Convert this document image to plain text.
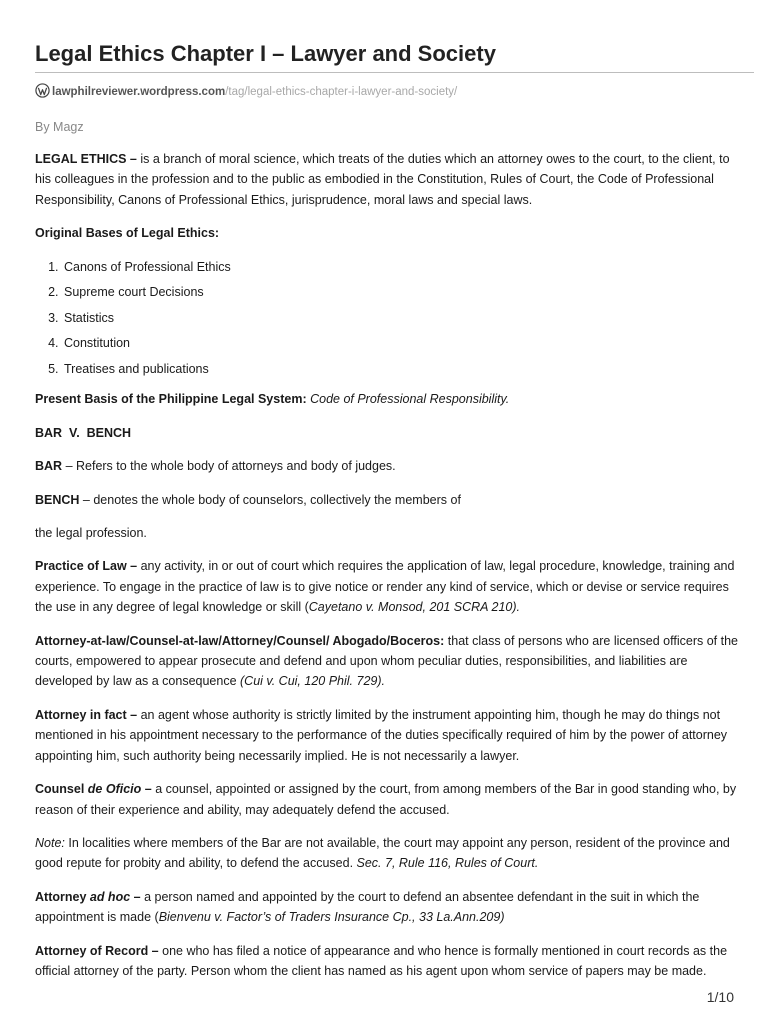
Legal Ethics Chapter I – Lawyer and Society
lawphilreviewer.wordpress.com/tag/legal-ethics-chapter-i-lawyer-and-society/
By Magz

LEGAL ETHICS – is a branch of moral science, which treats of the duties which an attorney owes to the court, to the client, to his colleagues in the profession and to the public as embodied in the Constitution, Rules of Court, the Code of Professional Responsibility, Canons of Professional Ethics, jurisprudence, moral laws and special laws.

Original Bases of Legal Ethics:

1. Canons of Professional Ethics
2. Supreme court Decisions
3. Statistics
4. Constitution
5. Treatises and publications

Present Basis of the Philippine Legal System: Code of Professional Responsibility.

BAR  V.  BENCH

BAR – Refers to the whole body of attorneys and body of judges.

BENCH – denotes the whole body of counselors, collectively the members of

the legal profession.

Practice of Law – any activity, in or out of court which requires the application of law, legal procedure, knowledge, training and experience. To engage in the practice of law is to give notice or render any kind of service, which or devise or service requires the use in any degree of legal knowledge or skill (Cayetano v. Monsod, 201 SCRA 210).

Attorney-at-law/Counsel-at-law/Attorney/Counsel/ Abogado/Boceros: that class of persons who are licensed officers of the courts, empowered to appear prosecute and defend and upon whom peculiar duties, responsibilities, and liabilities are developed by law as a consequence (Cui v. Cui, 120 Phil. 729).

Attorney in fact – an agent whose authority is strictly limited by the instrument appointing him, though he may do things not mentioned in his appointment necessary to the performance of the duties specifically required of him by the power of attorney appointing him, such authority being necessarily implied. He is not necessarily a lawyer.

Counsel de Oficio – a counsel, appointed or assigned by the court, from among members of the Bar in good standing who, by reason of their experience and ability, may adequately defend the accused.

Note: In localities where members of the Bar are not available, the court may appoint any person, resident of the province and good repute for probity and ability, to defend the accused. Sec. 7, Rule 116, Rules of Court.

Attorney ad hoc – a person named and appointed by the court to defend an absentee defendant in the suit in which the appointment is made (Bienvenu v. Factor’s of Traders Insurance Cp., 33 La.Ann.209)

Attorney of Record – one who has filed a notice of appearance and who hence is formally mentioned in court records as the official attorney of the party. Person whom the client has named as his agent upon whom service of papers may be made.

1/10
